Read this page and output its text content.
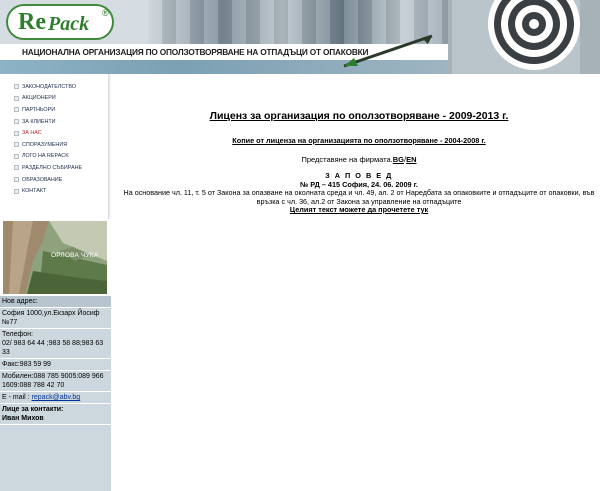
Re Pack ®
НАЦИОНАЛНА ОРГАНИЗАЦИЯ ПО ОПОЛЗОТВОРЯВАНЕ НА ОТПАДЪЦИ ОТ ОПАКОВКИ
ЗАКОНОДАТЕЛСТВО
АКЦИОНЕРИ
ПАРТНЬОРИ
ЗА КЛИЕНТИ
ЗА НАС
СПОРАЗУМЕНИЯ
ЛОГО НА REPACK
РАЗДЕЛНО СЪБИРАНЕ
ОБРАЗОВАНИЕ
КОНТАКТ
ОРЛОВА ЧУКА
Нов адрес:
София 1000,ул.Екзарх Йосиф №77
Телефон:
02/ 983 64 44 ;983 58 88;983 63 33
Факс:983 59 99
Мобилен:088 785 9005:089 966 1609:088 788 42 70
E - mail : repack@abv.bg
Лице за контакти:
Иван Михов
Лиценз за организация по оползотворяване - 2009-2013 г.
Копие от лиценза на организацията по оползотворяване - 2004-2008 г.
Представяне на фирмата.BG/EN
З А П О В Е Д
№ РД – 415 София, 24. 06. 2009 г.
На основание чл. 11, т. 5 от Закона за опазване на околната среда и чл. 49, ал. 2 от Наредбата за опаковките и отпадъците от опаковки, във връзка с чл. 36, ал.2 от Закона за управление на отпадъците
Целият текст можете да прочетете тук
